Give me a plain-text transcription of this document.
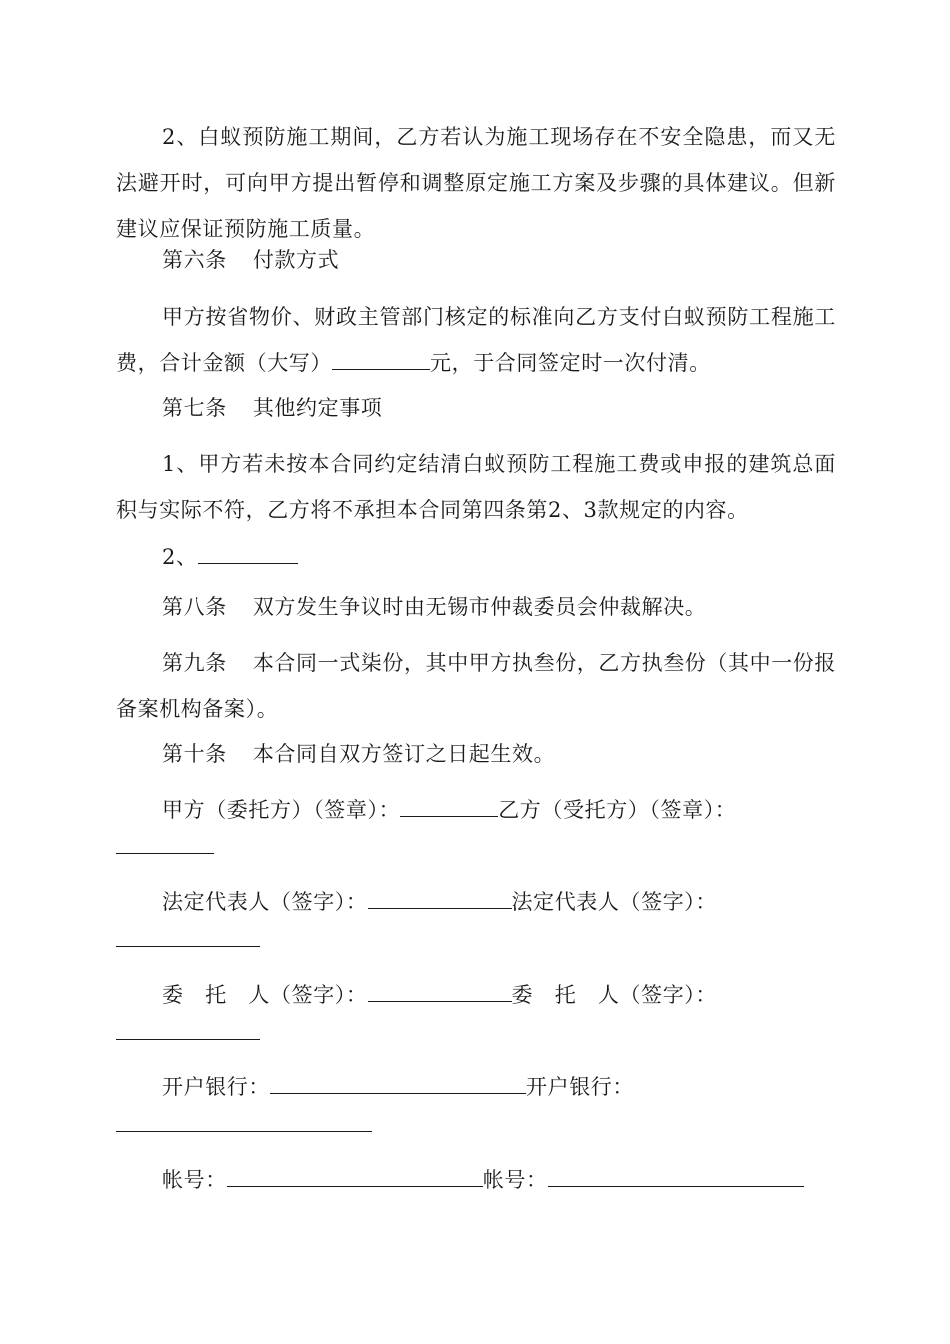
2、白蚁预防施工期间，乙方若认为施工现场存在不安全隐患，而又无法避开时，可向甲方提出暂停和调整原定施工方案及步骤的具体建议。但新建议应保证预防施工质量。
第六条 付款方式
甲方按省物价、财政主管部门核定的标准向乙方支付白蚁预防工程施工费，合计金额（大写）	元，于合同签定时一次付清。
第七条 其他约定事项
1、甲方若未按本合同约定结清白蚁预防工程施工费或申报的建筑总面积与实际不符，乙方将不承担本合同第四条第2、3款规定的内容。
2、
第八条 双方发生争议时由无锡市仲裁委员会仲裁解决。
第九条 本合同一式柒份，其中甲方执叁份，乙方执叁份（其中一份报备案机构备案）。
第十条 本合同自双方签订之日起生效。
甲方（委托方）（签章）：	乙方（受托方）（签章）：
法定代表人（签字）：	法定代表人（签字）：
委　托　人（签字）：	委　托　人（签字）：
开户银行：	开户银行：
帐号：	帐号：
